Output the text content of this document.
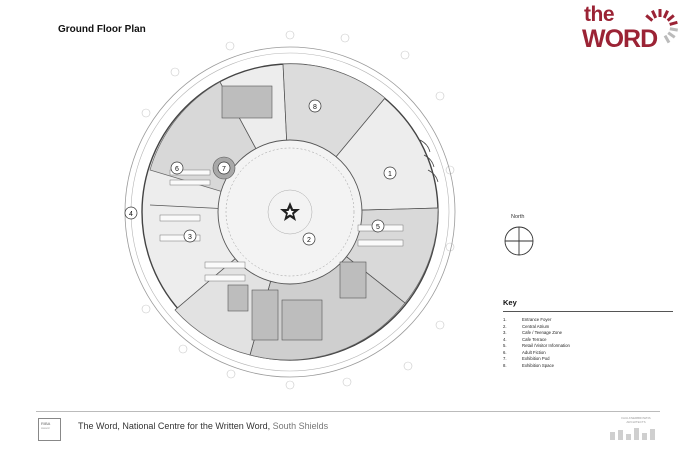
Ground Floor Plan
the
WORD
1
2
3
4
5
6	7
8
North
Key
1.	Entrance Foyer
2.	Central Atrium
3.	Cafe / Teenage Zone
4.	Cafe Terrace
5.	Retail /Visitor Information
6.	Adult Fiction
7.	Exhibition Pod
8.	Exhibition Space
RIBA
Award	The Word, National Centre for the Written Word, South Shields
FAULKNERBROWNS ARCHITECTS
